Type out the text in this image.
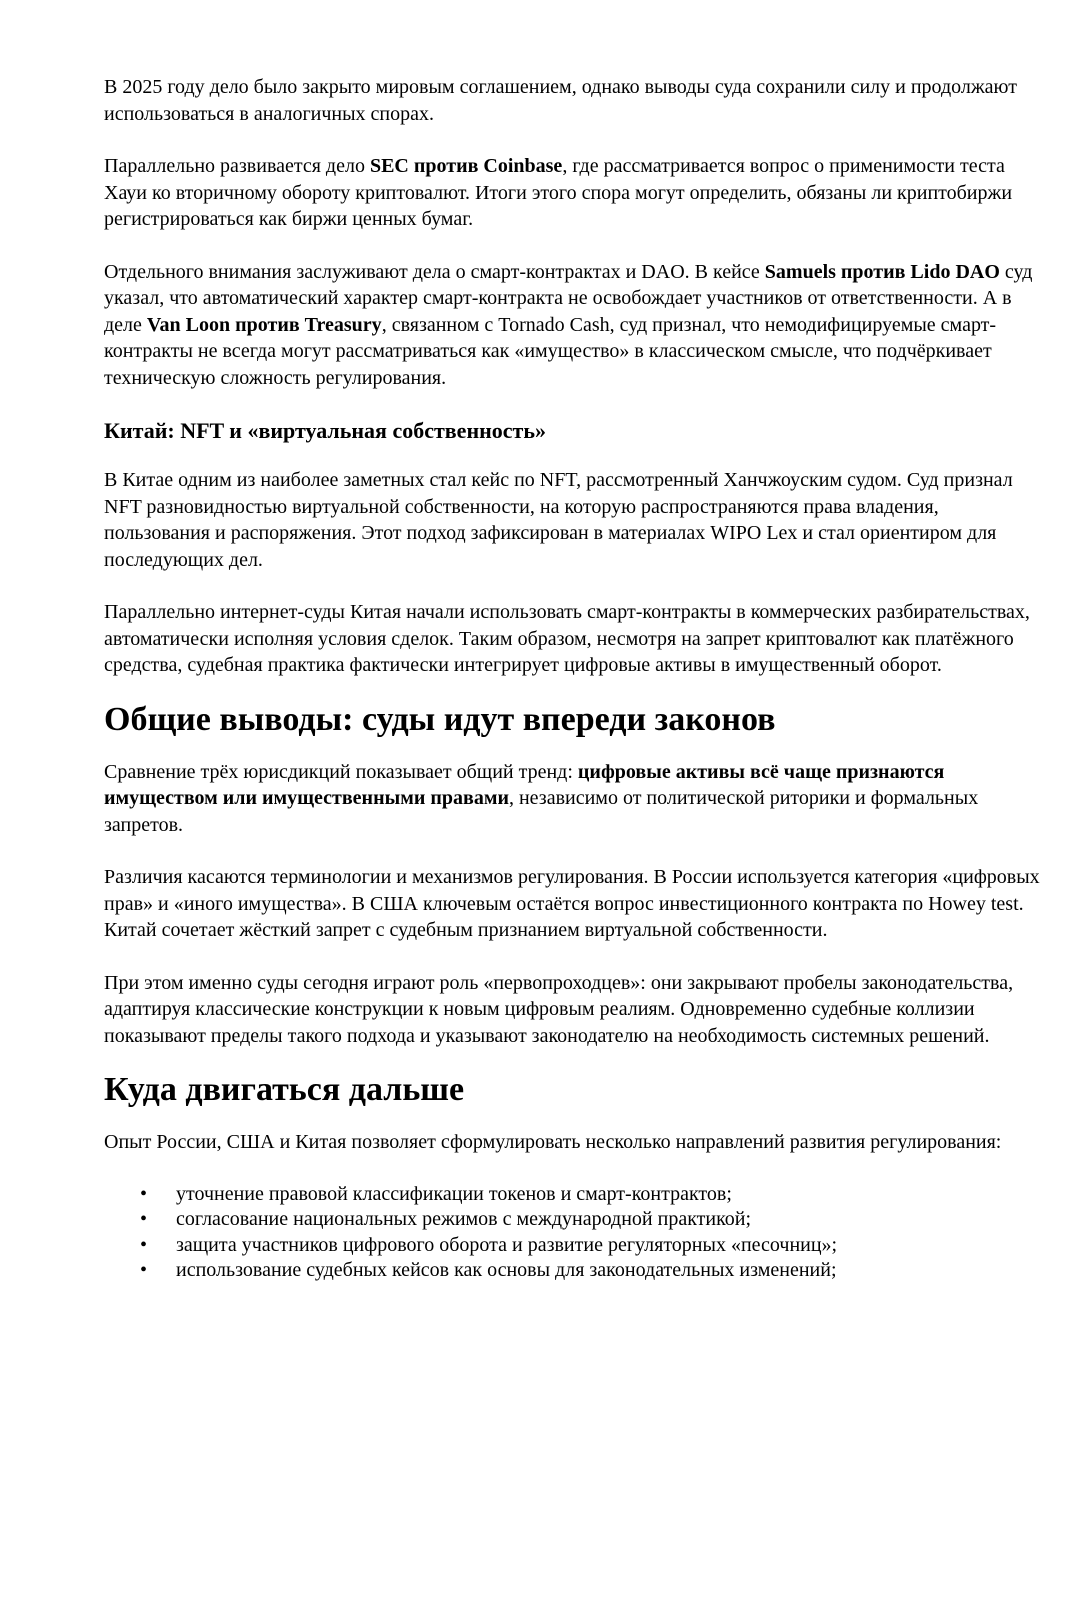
В 2025 году дело было закрыто мировым соглашением, однако выводы суда сохранили силу и продолжают использоваться в аналогичных спорах.

Параллельно развивается дело SEC против Coinbase, где рассматривается вопрос о применимости теста Хауи ко вторичному обороту криптовалют. Итоги этого спора могут определить, обязаны ли криптобиржи регистрироваться как биржи ценных бумаг.

Отдельного внимания заслуживают дела о смарт-контрактах и DAO. В кейсе Samuels против Lido DAO суд указал, что автоматический характер смарт-контракта не освобождает участников от ответственности. А в деле Van Loon против Treasury, связанном с Tornado Cash, суд признал, что немодифицируемые смарт-контракты не всегда могут рассматриваться как «имущество» в классическом смысле, что подчёркивает техническую сложность регулирования.

Китай: NFT и «виртуальная собственность»

В Китае одним из наиболее заметных стал кейс по NFT, рассмотренный Ханчжоуским судом. Суд признал NFT разновидностью виртуальной собственности, на которую распространяются права владения, пользования и распоряжения. Этот подход зафиксирован в материалах WIPO Lex и стал ориентиром для последующих дел.

Параллельно интернет-суды Китая начали использовать смарт-контракты в коммерческих разбирательствах, автоматически исполняя условия сделок. Таким образом, несмотря на запрет криптовалют как платёжного средства, судебная практика фактически интегрирует цифровые активы в имущественный оборот.

Общие выводы: суды идут впереди законов

Сравнение трёх юрисдикций показывает общий тренд: цифровые активы всё чаще признаются имуществом или имущественными правами, независимо от политической риторики и формальных запретов.

Различия касаются терминологии и механизмов регулирования. В России используется категория «цифровых прав» и «иного имущества». В США ключевым остаётся вопрос инвестиционного контракта по Howey test. Китай сочетает жёсткий запрет с судебным признанием виртуальной собственности.

При этом именно суды сегодня играют роль «первопроходцев»: они закрывают пробелы законодательства, адаптируя классические конструкции к новым цифровым реалиям. Одновременно судебные коллизии показывают пределы такого подхода и указывают законодателю на необходимость системных решений.

Куда двигаться дальше

Опыт России, США и Китая позволяет сформулировать несколько направлений развития регулирования:

• уточнение правовой классификации токенов и смарт-контрактов;
• согласование национальных режимов с международной практикой;
• защита участников цифрового оборота и развитие регуляторных «песочниц»;
• использование судебных кейсов как основы для законодательных изменений;
